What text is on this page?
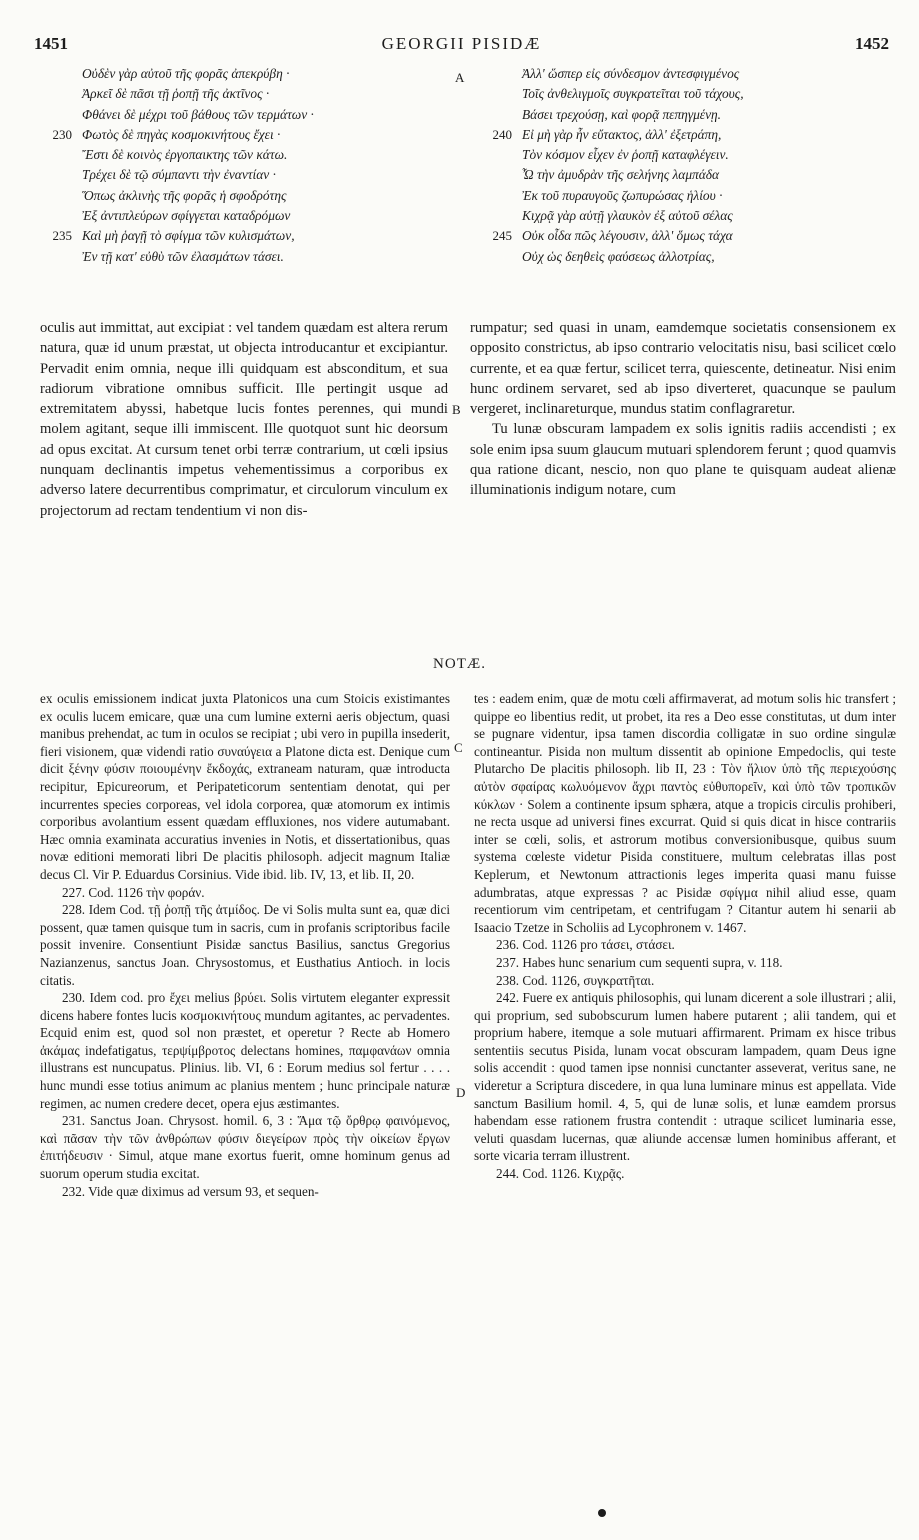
1451	GEORGII PISIDÆ	1452
Οὐδὲν γὰρ αὐτοῦ τῆς φορᾶς ἀπεκρύβη ·
Ἀρκεῖ δὲ πᾶσι τῇ ῥοπῇ τῆς ἀκτῖνος ·
Φθάνει δὲ μέχρι τοῦ βάθους τῶν τερμάτων ·
230 Φωτὸς δὲ πηγὰς κοσμοκινήτους ἔχει ·
Ἔστι δὲ κοινὸς ἐργοπαικτης τῶν κάτω.
Τρέχει δὲ τῷ σύμπαντι τὴν ἐναντίαν ·
Ὅπως ἀκλινὴς τῆς φορᾶς ἡ σφοδρότης
Ἐξ ἀντιπλεύρων σφίγγεται καταδρόμων
235 Καὶ μὴ ῥαγῇ τὸ σφίγμα τῶν κυλισμάτων,
Ἐν τῇ κατ' εὐθὺ τῶν ἐλασμάτων τάσει.
Ἀλλ' ὥσπερ εἰς σύνδεσμον ἀντεσφιγμένος
Τοῖς ἀνθελιγμοῖς συγκρατεῖται τοῦ τάχους,
Βάσει τρεχούσῃ, καὶ φορᾷ πεπηγμένῃ.
240 Εἰ μὴ γὰρ ἦν εὔτακτος, ἀλλ' ἐξετράπη,
Τὸν κόσμον εἶχεν ἐν ῥοπῇ καταφλέγειν.
Ὦ τὴν ἀμυδρὰν τῆς σελήνης λαμπάδα
Ἐκ τοῦ πυραυγοῦς ζωπυρώσας ἡλίου ·
Κιχρᾷ γὰρ αὐτῇ γλαυκὸν ἐξ αὐτοῦ σέλας
245 Οὐκ οἶδα πῶς λέγουσιν, ἀλλ' ὅμως τάχα
Οὐχ ὡς δεηθεὶς φαύσεως ἀλλοτρίας,
A
B
C
D

oculis aut immittat, aut excipiat : vel tandem quædam est altera rerum natura, quæ id unum præstat, ut objecta introducantur et excipiantur. Pervadit enim omnia, neque illi quidquam est absconditum, et sua radiorum vibratione omnibus sufficit. Ille pertingit usque ad extremitatem abyssi, habetque lucis fontes perennes, qui mundi molem agitant, seque illi immiscent. Ille quotquot sunt hic deorsum ad opus excitat. At cursum tenet orbi terræ contrarium, ut cœli ipsius nunquam declinantis impetus vehementissimus a corporibus ex adverso latere decurrentibus comprimatur, et circulorum vinculum ex projectorum ad rectam tendentium vi non dis-

rumpatur; sed quasi in unam, eamdemque societatis consensionem ex opposito constrictus, ab ipso contrario velocitatis nisu, basi scilicet cœlo currente, et ea quæ fertur, scilicet terra, quiescente, detineatur. Nisi enim hunc ordinem servaret, sed ab ipso diverteret, quacunque se paulum vergeret, inclinareturque, mundus statim conflagraretur.

Tu lunæ obscuram lampadem ex solis ignitis radiis accendisti ; ex sole enim ipsa suum glaucum mutuari splendorem ferunt ; quod quamvis qua ratione dicant, nescio, non quo plane te quisquam audeat alienæ illuminationis indigum notare, cum

NOTÆ.

ex oculis emissionem indicat juxta Platonicos una cum Stoicis existimantes ex oculis lucem emicare, quæ una cum lumine externi aeris objectum, quasi manibus prehendat, ac tum in oculos se recipiat ; ubi vero in pupilla insederit, fieri visionem, quæ videndi ratio συναύγεια a Platone dicta est. Denique cum dicit ξένην φύσιν ποιουμένην ἔκδοχάς, extraneam naturam, quæ introducta recipitur, Epicureorum, et Peripateticorum sententiam denotat, qui per incurrentes species corporeas, vel idola corporea, quæ atomorum ex intimis corporibus avolantium essent quædam effluxiones, nos videre autumabant. Hæc omnia examinata accuratius invenies in Notis, et dissertationibus, quas novæ editioni memorati libri De placitis philosoph. adjecit magnum Italiæ decus Cl. Vir P. Eduardus Corsinius. Vide ibid. lib. IV, 13, et lib. II, 20.

227. Cod. 1126 τὴν φοράν.

228. Idem Cod. τῇ ῥοπῇ τῆς ἀτμίδος. De vi Solis multa sunt ea, quæ dici possent, quæ tamen quisque tum in sacris, cum in profanis scriptoribus facile possit invenire. Consentiunt Pisidæ sanctus Basilius, sanctus Gregorius Nazianzenus, sanctus Joan. Chrysostomus, et Eusthatius Antioch. in locis citatis.

230. Idem cod. pro ἔχει melius βρύει. Solis virtutem eleganter expressit dicens habere fontes lucis κοσμοκινήτους mundum agitantes, ac pervadentes. Ecquid enim est, quod sol non præstet, et operetur ? Recte ab Homero ἀκάμας indefatigatus, τερψίμβροτος delectans homines, παμφανάων omnia illustrans est nuncupatus. Plinius. lib. VI, 6 : Eorum medius sol fertur . . . . hunc mundi esse totius animum ac planius mentem ; hunc principale naturæ regimen, ac numen credere decet, opera ejus æstimantes.

231. Sanctus Joan. Chrysost. homil. 6, 3 : Ἅμα τῷ ὄρθρῳ φαινόμενος, καὶ πᾶσαν τὴν τῶν ἀνθρώπων φύσιν διεγείρων πρὸς τὴν οἰκείων ἔργων ἐπιτήδευσιν · Simul, atque mane exortus fuerit, omne hominum genus ad suorum operum studia excitat.

232. Vide quæ diximus ad versum 93, et sequen-

tes : eadem enim, quæ de motu cœli affirmaverat, ad motum solis hic transfert ; quippe eo libentius redit, ut probet, ita res a Deo esse constitutas, ut dum inter se pugnare videntur, ipsa tamen discordia colligatæ in suo ordine singulæ contineantur. Pisida non multum dissentit ab opinione Empedoclis, qui teste Plutarcho De placitis philosoph. lib II, 23 : Τὸν ἥλιον ὑπὸ τῆς περιεχούσης αὐτὸν σφαίρας κωλυόμενον ἄχρι παντὸς εὐθυπορεῖν, καὶ ὑπὸ τῶν τροπικῶν κύκλων · Solem a continente ipsum sphæra, atque a tropicis circulis prohiberi, ne recta usque ad universi fines excurrat. Quid si quis dicat in hisce contrariis inter se cœli, solis, et astrorum motibus conversionibusque, quibus suum systema cœleste videtur Pisida constituere, multum celebratas illas post Keplerum, et Newtonum attractionis leges imperita quasi manu fuisse adumbratas, atque expressas ? ac Pisidæ σφίγμα nihil aliud esse, quam recentiorum vim centripetam, et centrifugam ? Citantur autem hi senarii ab Isaacio Tzetze in Scholiis ad Lycophronem v. 1467.

236. Cod. 1126 pro τάσει, στάσει.

237. Habes hunc senarium cum sequenti supra, v. 118.

238. Cod. 1126, συγκρατῆται.

242. Fuere ex antiquis philosophis, qui lunam dicerent a sole illustrari ; alii, qui proprium, sed subobscurum lumen habere putarent ; alii tandem, qui et proprium habere, itemque a sole mutuari affirmarent. Primam ex hisce tribus sententiis secutus Pisida, lunam vocat obscuram lampadem, quam Deus igne solis accendit : quod tamen ipse nonnisi cunctanter asseverat, veritus sane, ne videretur a Scriptura discedere, in qua luna luminare minus est appellata. Vide sanctum Basilium homil. 4, 5, qui de lunæ solis, et lunæ eamdem prorsus habendam esse rationem frustra contendit : utraque scilicet luminaria esse, veluti quasdam lucernas, quæ aliunde accensæ lumen hominibus afferant, et sorte vicaria terram illustrent.

244. Cod. 1126. Κιχρᾷς.
